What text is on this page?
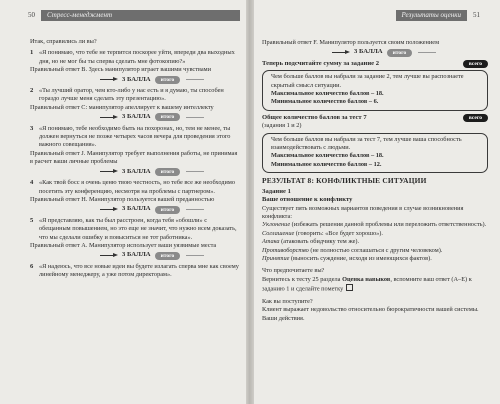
50	Стресс-менеджмент

Итак, справились ли вы?

1 «Я понимаю, что тебе не терпится поскорее уйти, впереди два выходных дня, но не мог бы ты сперва сделать мне фотокопию?»

Правильный ответ B. Здесь манипулятор играет вашими чувствами

3 БАЛЛА	итого
2 «Ты лучший оратор, чем кто-либо у нас есть и я думаю, ты способен гораздо лучше меня сделать эту презентацию».

Правильный ответ C: манипулятор апеллирует к вашему интеллекту

3 БАЛЛА	итого
3 «Я понимаю, тебе необходимо быть на похоронах, но, тем не менее, ты должен вернуться не позже четырех часов вечера для проведения этого важного совещания».

Правильный ответ J. Манипулятор требует выполнения работы, не принимая в расчет ваши личные проблемы

3 БАЛЛА	итого
4 «Как твой босс я очень ценю твою честность, но тебе все же необходимо посетить эту конференцию, несмотря на проблемы с партнером».

Правильный ответ H. Манипулятор пользуется вашей преданностью

3 БАЛЛА	итого
5 «Я представляю, как ты был расстроен, когда тебя «обошли» с обещанным повышением, но это еще не значит, что нужно всем доказать, что мы сделали ошибку и повыситься не тот работника».

Правильный ответ A. Манипулятор использует ваши уязвимые места

3 БАЛЛА	итого
6 «Я надеюсь, что все новые идеи вы будете излагать сперва мне как своему линейному менеджеру, а уже потом директорам».
Результаты оценки	51

Правильный ответ F. Манипулятор пользуется своим положением

3 БАЛЛА	итого
Теперь подсчитайте сумму за задание 2	всего

Чем больше баллов вы набрали за задание 2, тем лучше вы распознаете скрытый смысл ситуации.

Максимальное количество баллов – 18.

Минимальное количество баллов – 6.

Общее количество баллов за тест 7	всего

(задания 1 и 2)

Чем больше баллов вы набрали за тест 7, тем лучше ваша способность взаимодействовать с людьми.

Максимальное количество баллов – 18.

Минимальное количество баллов – 12.

РЕЗУЛЬТАТ 8: КОНФЛИКТНЫЕ СИТУАЦИИ

Задание 1

Ваше отношение к конфликту

Существует пять возможных вариантов поведения в случае возникновения конфликта:

Уклонение (избежать решения данной проблемы или переложить ответственность).

Соглашение (говорить: «Все будет хорошо»).

Атака (атаковать обидчику тем же).

Противоборство (не полностью соглашаться с другим человеком).

Принятие (выносить суждение, исходя из имеющихся фактов).

Что предпочитаете вы?

Вернитесь к тесту 25 раздела Оценка навыков, вспомните ваш ответ (A–E) к заданию 1 и сделайте пометку

Как вы поступите?

Клиент выражает недовольство относительно бюрократичности вашей системы. Ваши действия.
